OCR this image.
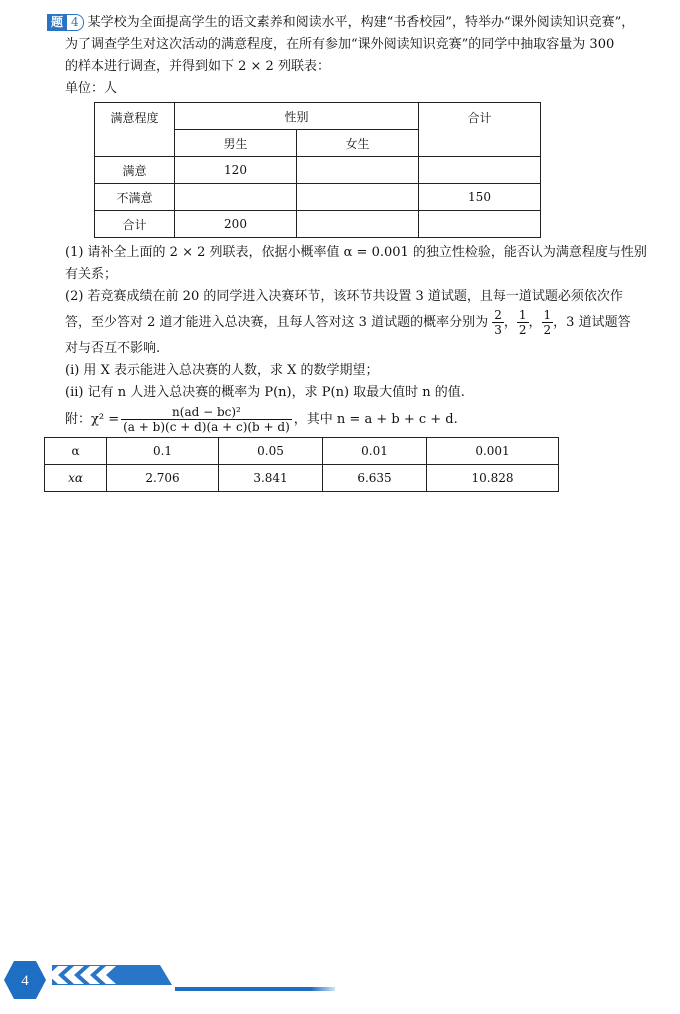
题 4 某学校为全面提高学生的语文素养和阅读水平，构建“书香校园”，特举办“课外阅读知识竞赛”，

为了调查学生对这次活动的满意程度，在所有参加“课外阅读知识竞赛”的同学中抽取容量为 300

的样本进行调查，并得到如下 2 × 2 列联表：

单位：人

满意程度	性别		合计
	男生	女生	
满意	120		
不满意			150
合计	200		

(1) 请补全上面的 2 × 2 列联表，依据小概率值 α = 0.001 的独立性检验，能否认为满意程度与性别

有关系；

(2) 若竞赛成绩在前 20 的同学进入决赛环节，该环节共设置 3 道试题，且每一道试题必须依次作

答，至少答对 2 道才能进入总决赛，且每人答对这 3 道试题的概率分别为 $\frac{2}{3}$ ， $\frac{1}{2}$ ， $\frac{1}{2}$ ，3 道试题答

对与否互不影响.

(i) 用 X 表示能进入总决赛的人数，求 X 的数学期望；

(ii) 记有 n 人进入总决赛的概率为 P(n)，求 P(n) 取最大值时 n 的值.

附：$\chi^2 = \frac{\text{n(ad − bc)²}}{(a + b)(c + d)(a + c)(b + d)}$ ，其中 n = a + b + c + d.
α	0.1	0.05	0.01	0.001
xα	2.706	3.841	6.635	10.828
4
